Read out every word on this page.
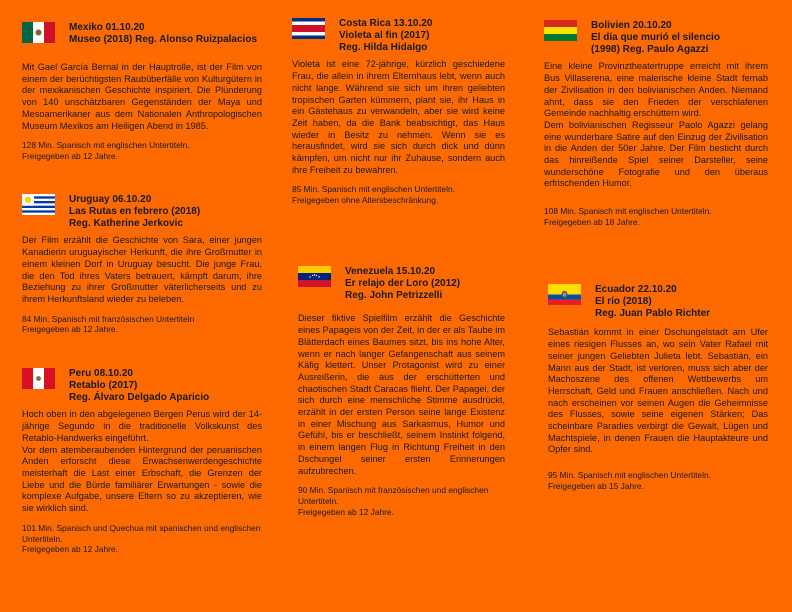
Mexiko 01.10.20
Museo (2018) Reg. Alonso Ruizpalacios

Mit Gael García Bernal in der Hauptrolle, ist der Film von einem der berüchtigsten Raubüberfälle von Kulturgütern in der mexikanischen Geschichte inspiriert. Die Plünderung von 140 unschätzbaren Gegenständen der Maya und Mesoamerikaner aus dem Nationalen Anthropologischen Museum Mexikos am Heiligen Abend in 1985.

128 Min. Spanisch mit englischen Untertiteln.
Freigegeben ab 12 Jahre.

Uruguay 06.10.20
Las Rutas en febrero (2018)
Reg. Katherine Jerkovic

Der Film erzählt die Geschichte von Sara, einer jungen Kanadierin uruguayischer Herkunft, die ihre Großmutter in einem kleinen Dorf in Uruguay besucht. Die junge Frau, die den Tod ihres Vaters betrauert, kämpft darum, ihre Beziehung zu ihrer Großmutter väterlicherseits und zu ihrem Herkunftsland wieder zu beleben.

84 Min. Spanisch mit französischen Untertiteln
Freigegeben ab 12 Jahre.

Peru 08.10.20
Retablo (2017)
Reg. Álvaro Delgado Aparicio

Hoch oben in den abgelegenen Bergen Perus wird der 14-jährige Segundo in die traditionelle Volkskunst des Retablo-Handwerks eingeführt.
Vor dem atemberaubenden Hintergrund der peruanischen Anden erforscht diese Erwachsenwerdengeschichte meisterhaft die Last einer Erbschaft, die Grenzen der Liebe und die Bürde familiärer Erwartungen - sowie die komplexe Aufgabe, unsere Eltern so zu akzeptieren, wie sie wirklich sind.

101 Min. Spanisch und Quechua mit spanischen und englischen Untertiteln.
Freigegeben ab 12 Jahre.

Costa Rica 13.10.20
Violeta al fin (2017)
Reg. Hilda Hidalgo

Violeta ist eine 72-jährige, kürzlich geschiedene Frau, die allein in ihrem Elternhaus lebt, wenn auch nicht lange. Während sie sich um ihren geliebten tropischen Garten kümmern, plant sie, ihr Haus in ein Gästehaus zu verwandeln, aber sie wird keine Zeit haben, da die Bank beabsichtigt, das Haus wieder in Besitz zu nehmen. Wenn sie es herausfindet, wird sie sich durch dick und dünn kämpfen, um nicht nur ihr Zuhause, sondern auch ihre Freiheit zu bewahren.

85 Min. Spanisch mit englischen Untertiteln.
Freigegeben ohne Altersbeschränkung.

Venezuela 15.10.20
Er relajo der Loro (2012)
Reg. John Petrizzelli

Dieser fiktive Spielfilm erzählt die Geschichte eines Papageis von der Zeit, in der er als Taube im Blätterdach eines Baumes sitzt, bis ins hohe Alter, wenn er nach langer Gefangenschaft aus seinem Käfig klettert. Unser Protagonist wird zu einer Ausreißerin, die aus der erschütterten und chaotischen Stadt Caracas flieht. Der Papagei, der sich durch eine menschliche Stimme ausdrückt, erzählt in der ersten Person seine lange Existenz in einer Mischung aus Sarkasmus, Humor und Gefühl, bis er beschließt, seinem Instinkt folgend, in einem langen Flug in Richtung Freiheit in den Dschungel seiner ersten Erinnerungen aufzubrechen.

90 Min. Spanisch mit französischen und englischen Untertiteln.
Freigegeben ab 12 Jahre.

Bolivien 20.10.20
El día que murió el silencio
(1998) Reg. Paulo Agazzi

Eine kleine Provinztheatertruppe erreicht mit ihrem Bus Villaserena, eine malerische kleine Stadt fernab der Zivilisation in den bolivianischen Anden. Niemand ahnt, dass sie den Frieden der verschlafenen Gemeinde nachhaltig erschüttern wird.
Dem bolivianischen Regisseur Paolo Agazzi gelang eine wunderbare Satire auf den Einzug der Zivilisation in die Anden der 50er Jahre. Der Film besticht durch das hinreißende Spiel seiner Darsteller, seine wunderschöne Fotografie und den überaus erfrischenden Humor.

108 Min. Spanisch mit englischen Untertiteln.
Freigegeben ab 18 Jahre.

Ecuador 22.10.20
El río (2018)
Reg. Juan Pablo Richter

Sebastián kommt in einer Dschungelstadt am Ufer eines riesigen Flusses an, wo sein Vater Rafael mit seiner jungen Geliebten Julieta lebt. Sebastián, ein Mann aus der Stadt, ist verloren, muss sich aber der Machoszene des offenen Wettbewerbs um Herrschaft, Geld und Frauen anschließen. Nach und nach erscheinen vor seinen Augen die Geheimnisse des Flusses, sowie seine eigenen Stärken; Das scheinbare Paradies verbirgt die Gewalt, Lügen und Machtspiele, in denen Frauen die Hauptakteure und Opfer sind.

95 Min. Spanisch mit englischen Untertiteln.
Freigegeben ab 15 Jahre.
